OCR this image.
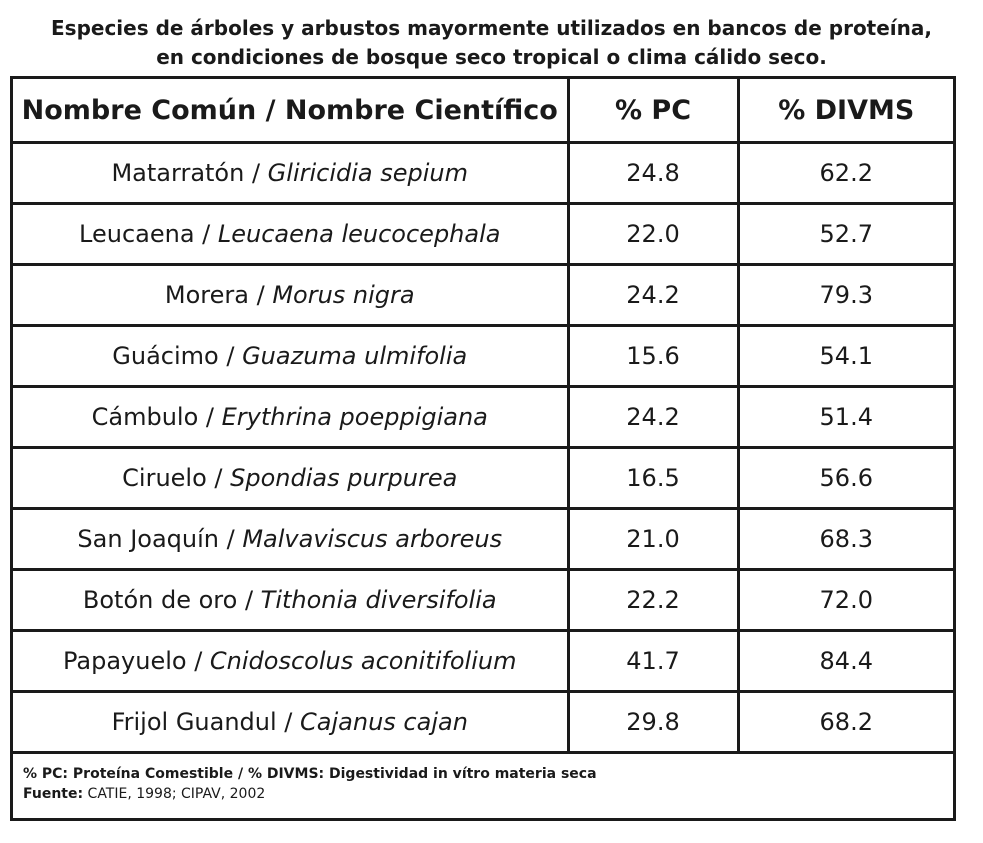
Especies de árboles y arbustos mayormente utilizados en bancos de proteína,
en condiciones de bosque seco tropical o clima cálido seco.
Nombre Común / Nombre Científico	% PC	% DIVMS
Matarratón / Gliricidia sepium	24.8	62.2
Leucaena / Leucaena leucocephala	22.0	52.7
Morera / Morus nigra	24.2	79.3
Guácimo / Guazuma ulmifolia	15.6	54.1
Cámbulo / Erythrina poeppigiana	24.2	51.4
Ciruelo / Spondias purpurea	16.5	56.6
San Joaquín / Malvaviscus arboreus	21.0	68.3
Botón de oro / Tithonia diversifolia	22.2	72.0
Papayuelo / Cnidoscolus aconitifolium	41.7	84.4
Frijol Guandul / Cajanus cajan	29.8	68.2
% PC: Proteína Comestible / % DIVMS: Digestividad in vítro materia seca
Fuente: CATIE, 1998; CIPAV, 2002
